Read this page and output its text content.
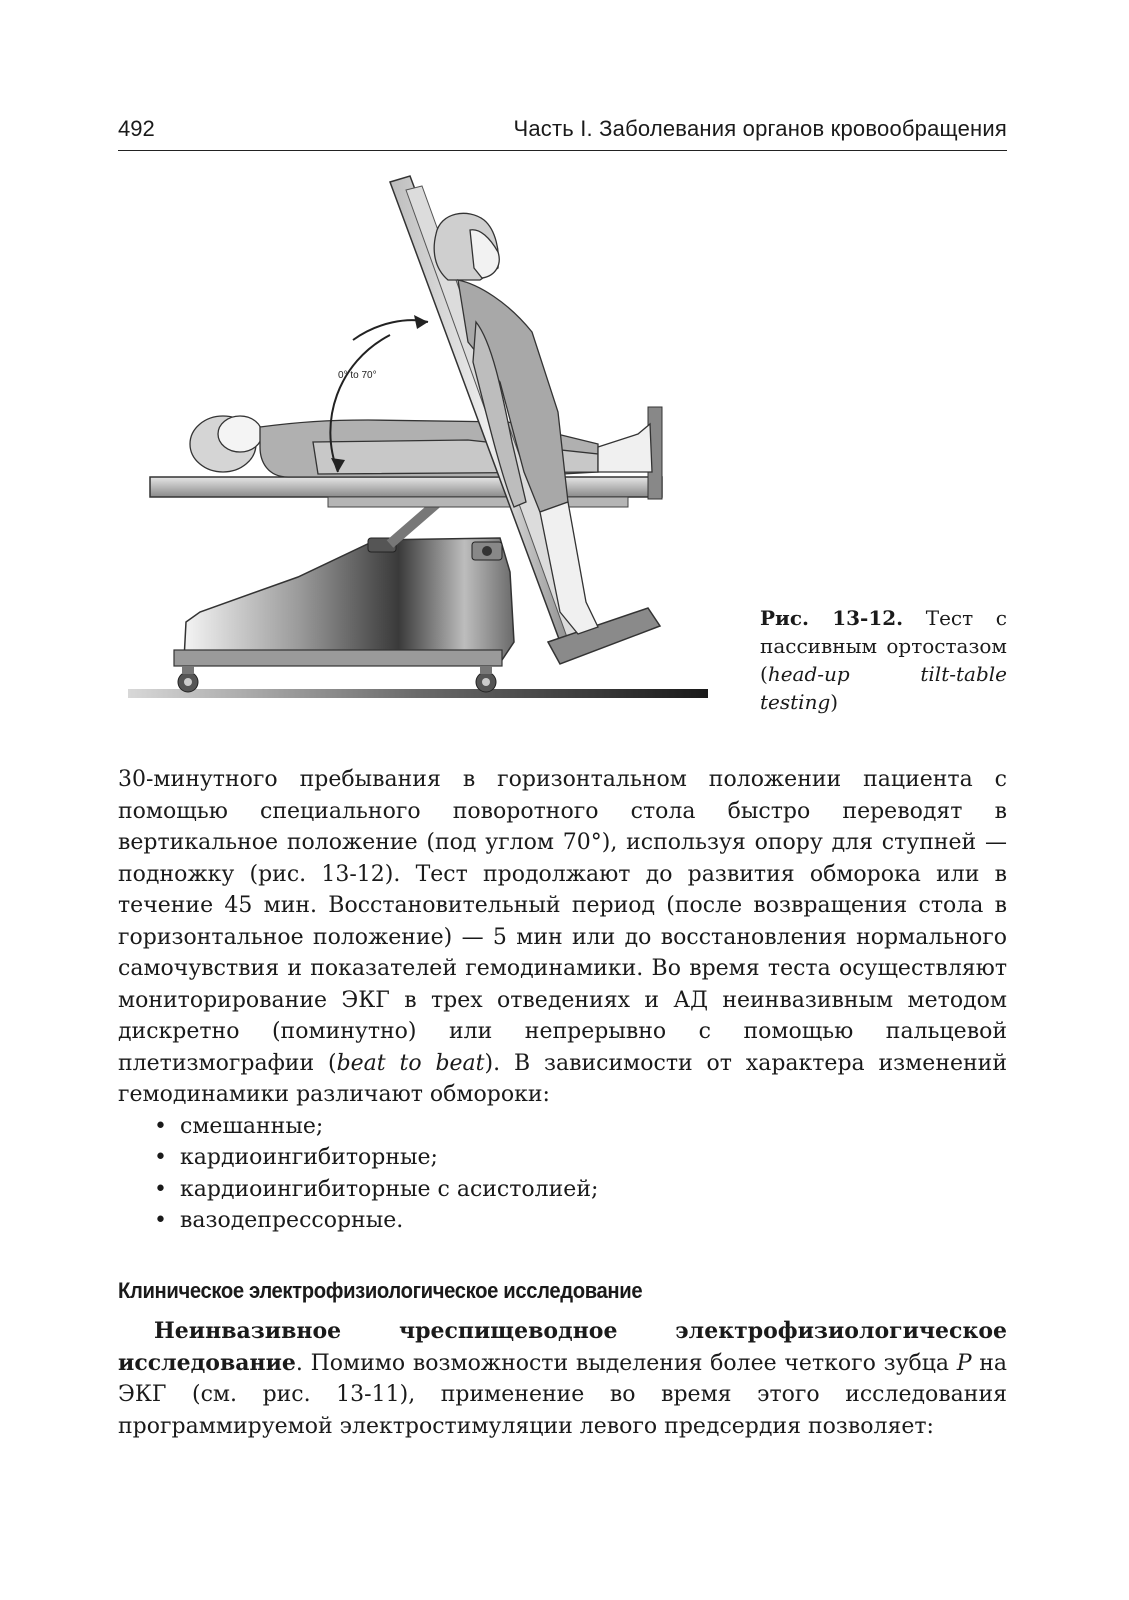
492	Часть I. Заболевания органов кровообращения
0° to 70°
Рис. 13-12. Тест с пассивным ортостазом (head-up tilt-table testing)

30-минутного пребывания в горизонтальном положении пациента с помощью специального поворотного стола быстро переводят в вертикальное положение (под углом 70°), используя опору для ступней — подножку (рис. 13-12). Тест продолжают до развития обморока или в течение 45 мин. Восстановительный период (после возвращения стола в горизонтальное положение) — 5 мин или до восстановления нормального самочувствия и показателей гемодинамики. Во время теста осуществляют мониторирование ЭКГ в трех отведениях и АД неинвазивным методом дискретно (поминутно) или непрерывно с помощью пальцевой плетизмографии (beat to beat). В зависимости от характера изменений гемодинамики различают обмороки:

• смешанные;
• кардиоингибиторные;
• кардиоингибиторные с асистолией;
• вазодепрессорные.
Клиническое электрофизиологическое исследование

Неинвазивное чреспищеводное электрофизиологическое исследование. Помимо возможности выделения более четкого зубца P на ЭКГ (см. рис. 13-11), применение во время этого исследования программируемой электростимуляции левого предсердия позволяет:
